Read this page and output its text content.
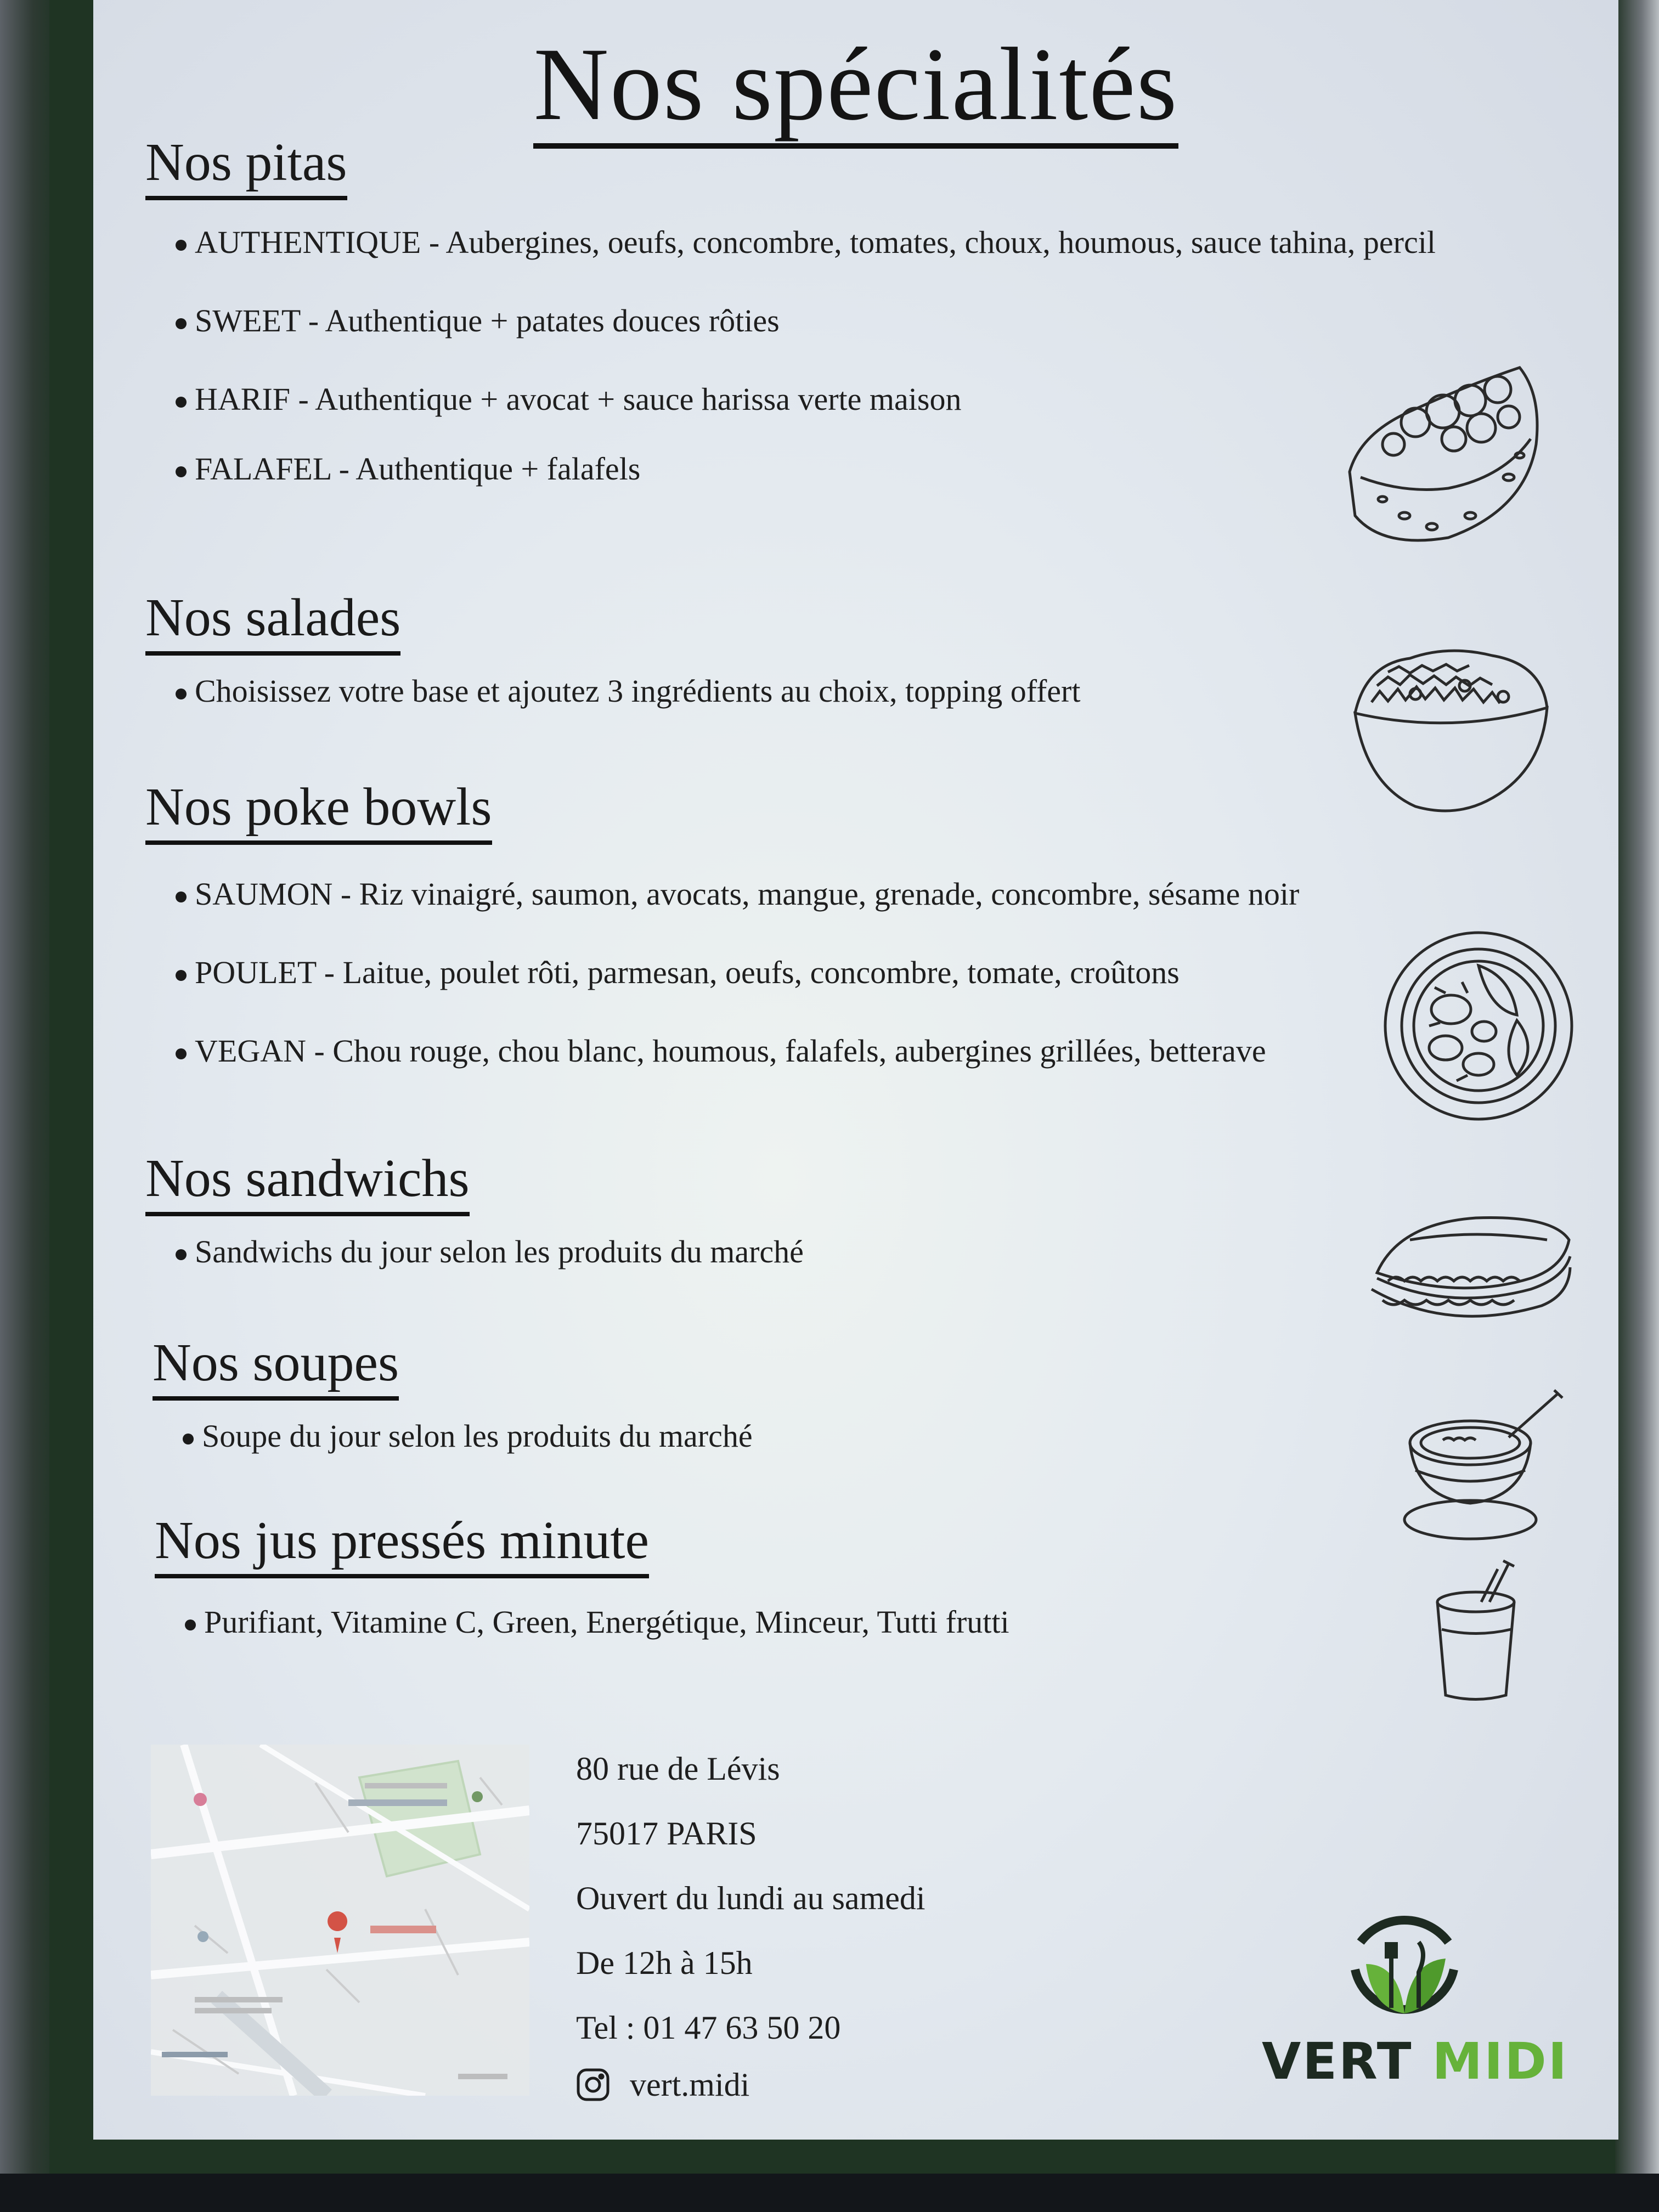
Nos spécialités
Nos pitas
AUTHENTIQUE - Aubergines, oeufs, concombre, tomates, choux, houmous, sauce tahina, percil
SWEET - Authentique + patates douces rôties
HARIF - Authentique + avocat + sauce harissa verte maison
FALAFEL - Authentique + falafels
Nos salades
Choisissez votre base et ajoutez 3 ingrédients au choix, topping offert
Nos poke bowls
SAUMON - Riz vinaigré, saumon, avocats, mangue, grenade, concombre, sésame noir
POULET - Laitue, poulet rôti, parmesan, oeufs, concombre, tomate, croûtons
VEGAN - Chou rouge, chou blanc, houmous, falafels, aubergines grillées, betterave
Nos sandwichs
Sandwichs du jour selon les produits du marché
Nos soupes
Soupe du jour selon les produits du marché
Nos jus pressés minute
Purifiant, Vitamine C, Green, Energétique, Minceur, Tutti frutti
80 rue de Lévis
75017 PARIS
Ouvert du lundi au samedi
De 12h à 15h
Tel : 01 47 63 50 20
vert.midi	VERT MIDI
